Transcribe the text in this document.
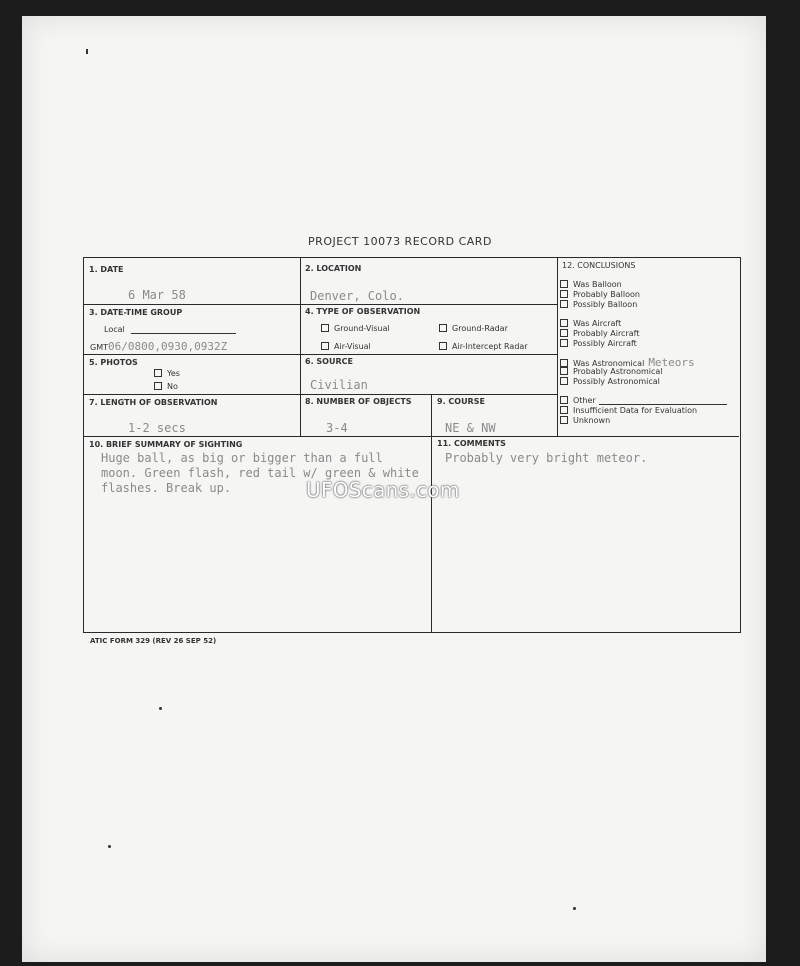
PROJECT 10073 RECORD CARD
1. DATE
6 Mar 58
2. LOCATION
Denver, Colo.
3. DATE-TIME GROUP
Local
GMT06/0800,0930,0932Z
4. TYPE OF OBSERVATION
Ground-Visual	Ground-Radar
Air-Visual	Air-Intercept Radar
5. PHOTOS
Yes
No
6. SOURCE
Civilian
7. LENGTH OF OBSERVATION
1-2 secs
8. NUMBER OF OBJECTS
3-4
9. COURSE
NE & NW
10. BRIEF SUMMARY OF SIGHTING
Huge ball, as big or bigger than a full moon. Green flash, red tail w/ green & white flashes. Break up.
11. COMMENTS
Probably very bright meteor.
12. CONCLUSIONS
Was Balloon
Probably Balloon
Possibly Balloon
Was Aircraft
Probably Aircraft
Possibly Aircraft
Was Astronomical Meteors
Probably Astronomical
Possibly Astronomical
Other
Insufficient Data for Evaluation
Unknown
ATIC FORM 329 (REV 26 SEP 52)
UFOScans.com
